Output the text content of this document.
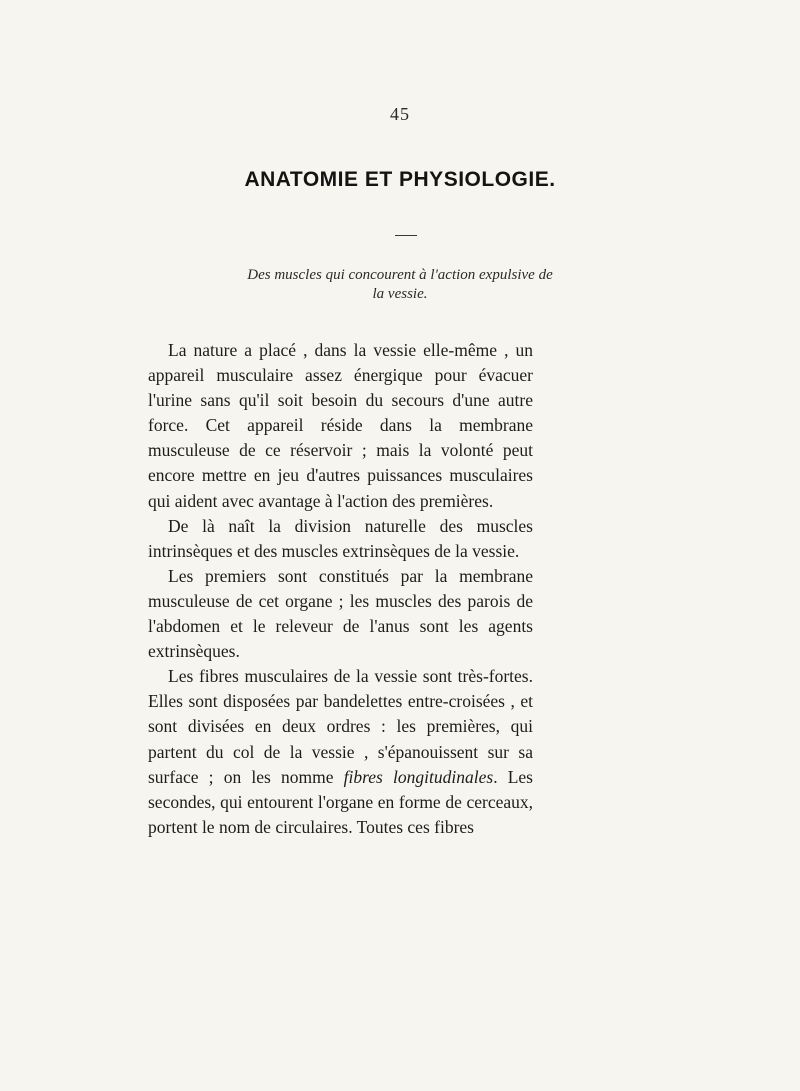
45
ANATOMIE ET PHYSIOLOGIE.
Des muscles qui concourent à l'action expulsive de
la vessie.

La nature a placé , dans la vessie elle-même , un appareil musculaire assez énergique pour évacuer l'urine sans qu'il soit besoin du secours d'une autre force. Cet appareil réside dans la membrane musculeuse de ce réservoir ; mais la volonté peut encore mettre en jeu d'autres puissances musculaires qui aident avec avantage à l'action des premières.

De là naît la division naturelle des muscles intrinsèques et des muscles extrinsèques de la vessie.

Les premiers sont constitués par la membrane musculeuse de cet organe ; les muscles des parois de l'abdomen et le releveur de l'anus sont les agents extrinsèques.

Les fibres musculaires de la vessie sont très-fortes. Elles sont disposées par bandelettes entre-croisées , et sont divisées en deux ordres : les premières, qui partent du col de la vessie , s'épanouissent sur sa surface ; on les nomme fibres longitudinales. Les secondes, qui entourent l'organe en forme de cerceaux, portent le nom de circulaires. Toutes ces fibres
